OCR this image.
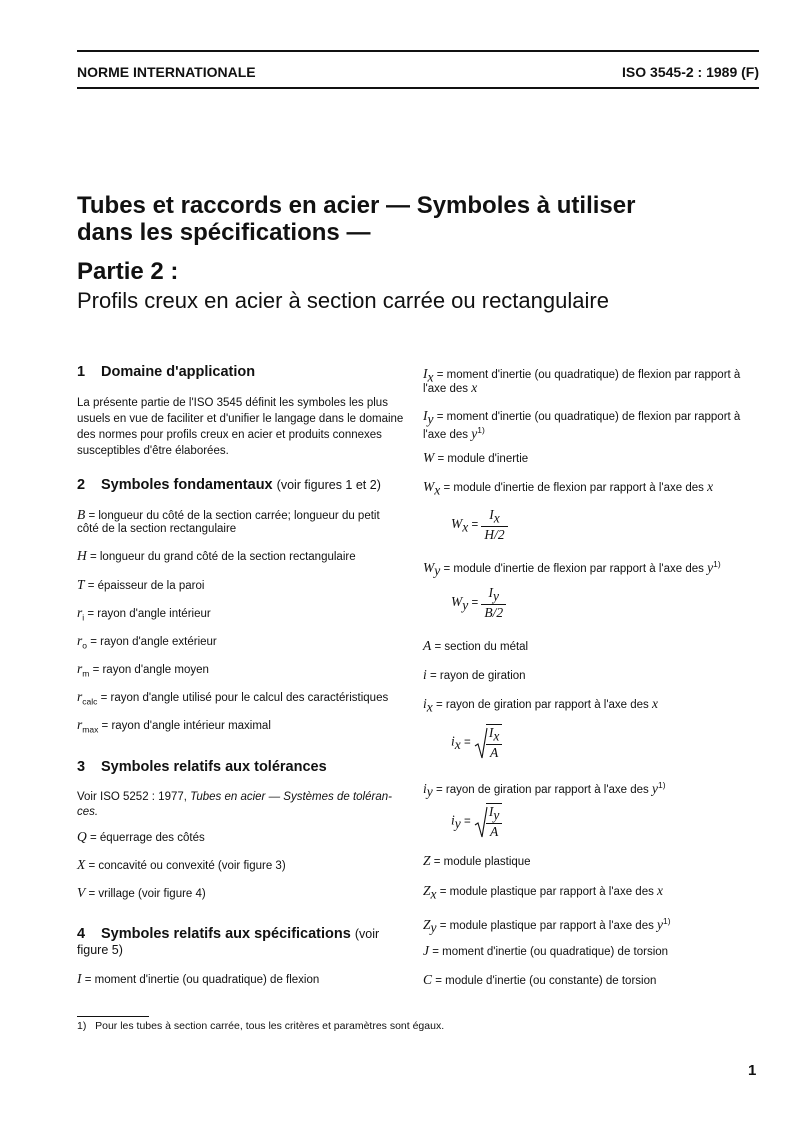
NORME INTERNATIONALE	ISO 3545-2 : 1989 (F)
Tubes et raccords en acier — Symboles à utiliser
dans les spécifications —
Partie 2 :
Profils creux en acier à section carrée ou rectangulaire
1 Domaine d'application
La présente partie de l'ISO 3545 définit les symboles les plus
usuels en vue de faciliter et d'unifier le langage dans le domaine
des normes pour profils creux en acier et produits connexes
susceptibles d'être élaborées.
2 Symboles fondamentaux (voir figures 1 et 2)
B = longueur du côté de la section carrée; longueur du petit
côté de la section rectangulaire
H = longueur du grand côté de la section rectangulaire
T = épaisseur de la paroi
$r_i$ = rayon d'angle intérieur
$r_o$ = rayon d'angle extérieur
$r_m$ = rayon d'angle moyen
$r_{calc}$ = rayon d'angle utilisé pour le calcul des caractéristiques
$r_{max}$ = rayon d'angle intérieur maximal
3 Symboles relatifs aux tolérances
Voir ISO 5252 : 1977, Tubes en acier — Systèmes de toléran-
ces.
Q = équerrage des côtés
X = concavité ou convexité (voir figure 3)
V = vrillage (voir figure 4)
4 Symboles relatifs aux spécifications (voir
figure 5)
I = moment d'inertie (ou quadratique) de flexion
$I_x$ = moment d'inertie (ou quadratique) de flexion par rapport à
l'axe des x
$I_y$ = moment d'inertie (ou quadratique) de flexion par rapport à
l'axe des $y^{1)}$
W = module d'inertie
$W_x$ = module d'inertie de flexion par rapport à l'axe des x
$W_x = \frac{I_x}{H/2}$
$W_y$ = module d'inertie de flexion par rapport à l'axe des $y^{1)}$
$W_y = \frac{I_y}{B/2}$
A = section du métal
i = rayon de giration
$i_x$ = rayon de giration par rapport à l'axe des x
$i_x = \frac{I_x}{A}$
$i_y$ = rayon de giration par rapport à l'axe des $y^{1)}$
$i_y = \frac{I_y}{A}$
Z = module plastique
$Z_x$ = module plastique par rapport à l'axe des x
$Z_y$ = module plastique par rapport à l'axe des $y^{1)}$
J = moment d'inertie (ou quadratique) de torsion
C = module d'inertie (ou constante) de torsion
1) Pour les tubes à section carrée, tous les critères et paramètres sont égaux.
1
